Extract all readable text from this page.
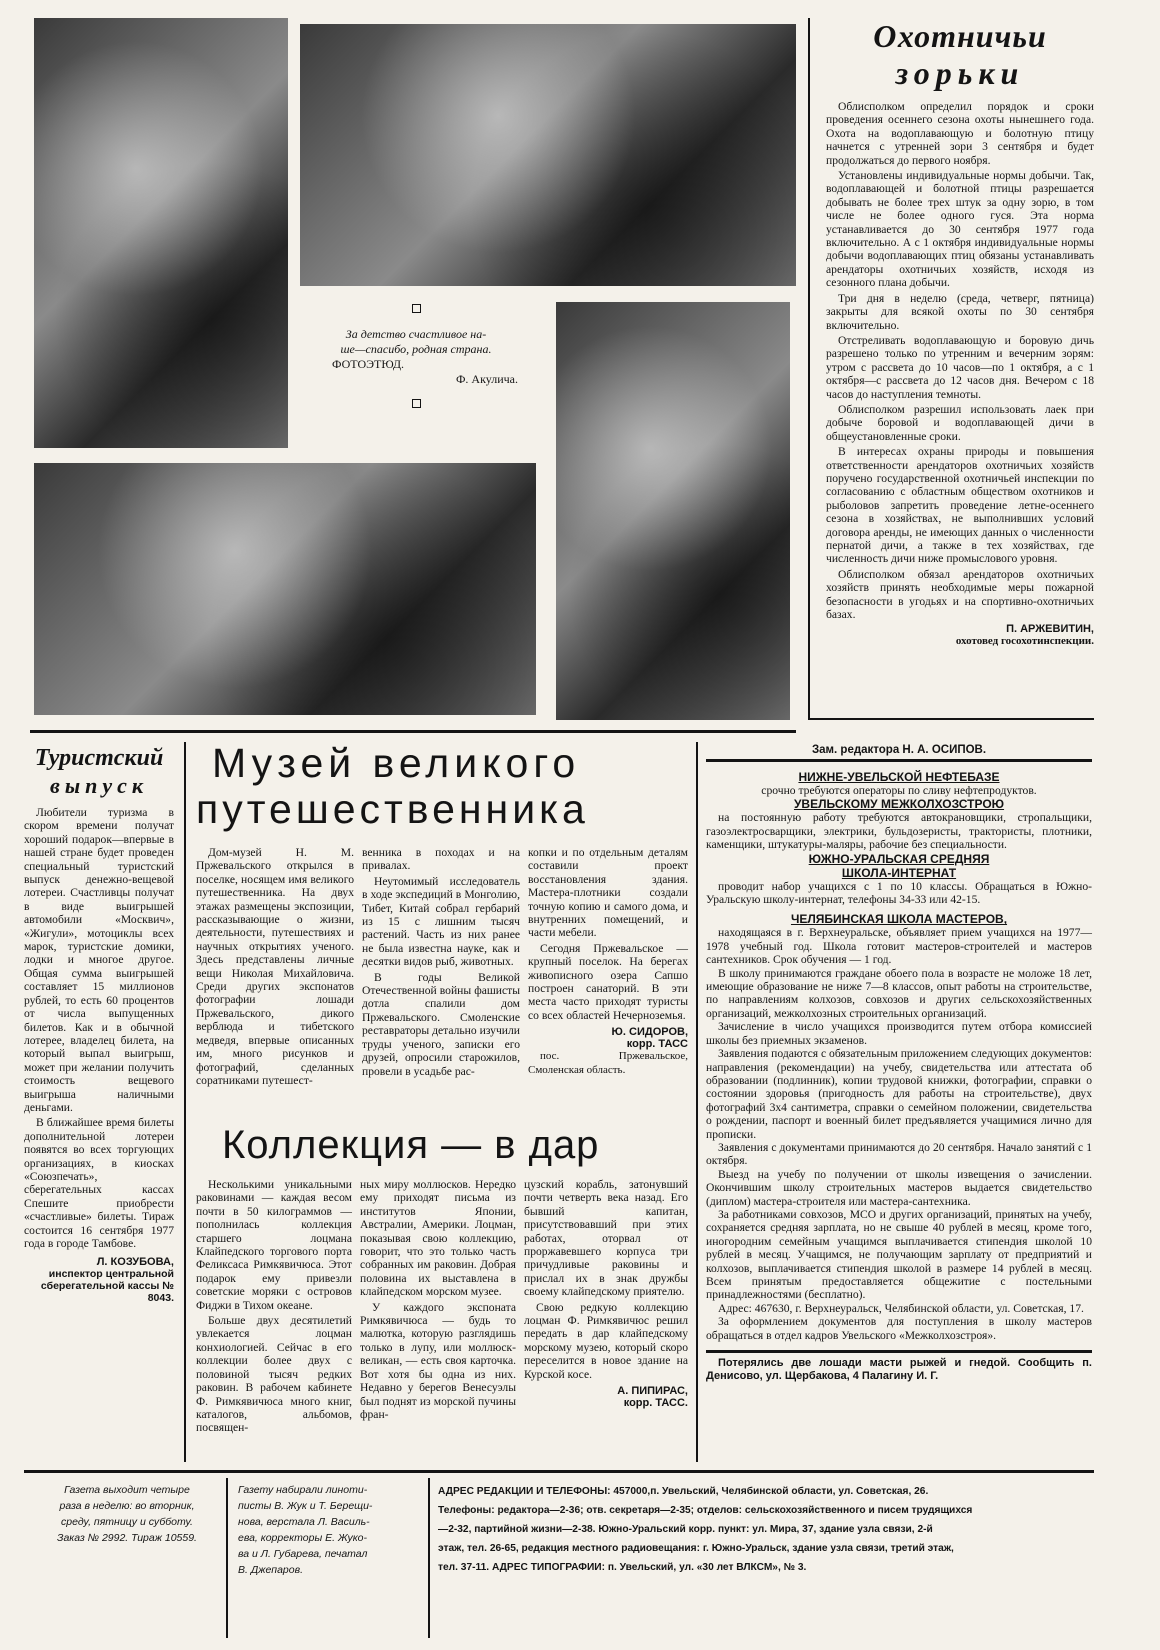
За детство счастливое на-
ше—спасибо, родная страна.
ФОТОЭТЮД.
Ф. Акулича.
Охотничьи
зорьки

Облисполком определил порядок и сроки проведения осеннего сезона охоты нынешнего года. Охота на водоплавающую и болотную птицу начнется с утренней зори 3 сентября и будет продолжаться до первого ноября.

Установлены индивидуальные нормы добычи. Так, водоплавающей и болотной птицы разрешается добывать не более трех штук за одну зорю, в том числе не более одного гуся. Эта норма устанавливается до 30 сентября 1977 года включительно. А с 1 октября индивидуальные нормы добычи водоплавающих птиц обязаны устанавливать арендаторы охотничьих хозяйств, исходя из сезонного плана добычи.

Три дня в неделю (среда, четверг, пятница) закрыты для всякой охоты по 30 сентября включительно.

Отстреливать водоплавающую и боровую дичь разрешено только по утренним и вечерним зорям: утром с рассвета до 10 часов—по 1 октября, а с 1 октября—с рассвета до 12 часов дня. Вечером с 18 часов до наступления темноты.

Облисполком разрешил использовать лаек при добыче боровой и водоплавающей дичи в общеустановленные сроки.

В интересах охраны природы и повышения ответственности арендаторов охотничьих хозяйств поручено государственной охотничьей инспекции по согласованию с областным обществом охотников и рыболовов запретить проведение летне-осеннего сезона в хозяйствах, не выполнивших условий договора аренды, не имеющих данных о численности пернатой дичи, а также в тех хозяйствах, где численность дичи ниже промыслового уровня.

Облисполком обязал арендаторов охотничьих хозяйств принять необходимые меры пожарной безопасности в угодьях и на спортивно-охотничьих базах.

П. АРЖЕВИТИН,
охотовед госохотинспекции.
Туристский
выпуск

Любители туризма в скором времени получат хороший подарок—впервые в нашей стране будет проведен специальный туристский выпуск денежно-вещевой лотереи. Счастливцы получат в виде выигрышей автомобили «Москвич», «Жигули», мотоциклы всех марок, туристские домики, лодки и многое другое. Общая сумма выигрышей составляет 15 миллионов рублей, то есть 60 процентов от числа выпущенных билетов. Как и в обычной лотерее, владелец билета, на который выпал выигрыш, может при желании получить стоимость вещевого выигрыша наличными деньгами.

В ближайшее время билеты дополнительной лотереи появятся во всех торгующих организациях, в киосках «Союзпечать», сберегательных кассах Спешите приобрести «счастливые» билеты. Тираж состоится 16 сентября 1977 года в городе Тамбове.

Л. КОЗУБОВА,
инспектор центральной сберегательной кассы № 8043.
Музей великого
путешественника

Дом-музей Н. М. Пржевальского открылся в поселке, носящем имя великого путешественника. На двух этажах размещены экспозиции, рассказывающие о жизни, деятельности, путешествиях и научных открытиях ученого. Здесь представлены личные вещи Николая Михайловича. Среди других экспонатов фотографии лошади Пржевальского, дикого верблюда и тибетского медведя, впервые описанных им, много рисунков и фотографий, сделанных соратниками путешест-

венника в походах и на привалах.

Неутомимый исследователь в ходе экспедиций в Монголию, Тибет, Китай собрал гербарий из 15 с лишним тысяч растений. Часть из них ранее не была известна науке, как и десятки видов рыб, животных.

В годы Великой Отечественной войны фашисты дотла спалили дом Пржевальского. Смоленские реставраторы детально изучили труды ученого, записки его друзей, опросили старожилов, провели в усадьбе рас-

копки и по отдельным деталям составили проект восстановления здания. Мастера-плотники создали точную копию и самого дома, и внутренних помещений, и части мебели.

Сегодня Пржевальское — крупный поселок. На берегах живописного озера Сапшо построен санаторий. В эти места часто приходят туристы со всех областей Нечерноземья.

Ю. СИДОРОВ,
корр. ТАСС
пос. Пржевальское, Смоленская область.
Коллекция — в дар

Несколькими уникальными раковинами — каждая весом почти в 50 килограммов — пополнилась коллекция старшего лоцмана Клайпедского торгового порта Феликсаса Римкявичюса. Этот подарок ему привезли советские моряки с островов Фиджи в Тихом океане.

Больше двух десятилетий увлекается лоцман конхиологией. Сейчас в его коллекции более двух с половиной тысяч редких раковин. В рабочем кабинете Ф. Римкявичюса много книг, каталогов, альбомов, посвящен-

ных миру моллюсков. Нередко ему приходят письма из институтов Японии, Австралии, Америки. Лоцман, показывая свою коллекцию, говорит, что это только часть собранных им раковин. Добрая половина их выставлена в клайпедском морском музее.

У каждого экспоната Римкявичюса — будь то малютка, которую разглядишь только в лупу, или моллюск-великан, — есть своя карточка. Вот хотя бы одна из них. Недавно у берегов Венесуэлы был поднят из морской пучины фран-

цузский корабль, затонувший почти четверть века назад. Его бывший капитан, присутствовавший при этих работах, оторвал от проржавевшего корпуса три причудливые раковины и прислал их в знак дружбы своему клайпедскому приятелю.

Свою редкую коллекцию лоцман Ф. Римкявичюс решил передать в дар клайпедскому морскому музею, который скоро переселится в новое здание на Курской косе.

А. ПИПИРАС,
корр. ТАСС.
Зам. редактора Н. А. ОСИПОВ.
НИЖНЕ-УВЕЛЬСКОЙ НЕФТЕБАЗЕ
срочно требуются операторы по сливу нефтепродуктов.
УВЕЛЬСКОМУ МЕЖКОЛХОЗСТРОЮ
на постоянную работу требуются автокрановщики, стропальщики, газоэлектросварщики, электрики, бульдозеристы, трактористы, плотники, каменщики, штукатуры-маляры, рабочие без специальности.
ЮЖНО-УРАЛЬСКАЯ СРЕДНЯЯ
ШКОЛА-ИНТЕРНАТ
проводит набор учащихся с 1 по 10 классы. Обращаться в Южно-Уральскую школу-интернат, телефоны 34-33 или 42-15.
ЧЕЛЯБИНСКАЯ ШКОЛА МАСТЕРОВ,
находящаяся в г. Верхнеуральске, объявляет прием учащихся на 1977—1978 учебный год. Школа готовит мастеров-строителей и мастеров сантехников. Срок обучения — 1 год.
В школу принимаются граждане обоего пола в возрасте не моложе 18 лет, имеющие образование не ниже 7—8 классов, опыт работы на строительстве, по направлениям колхозов, совхозов и других сельскохозяйственных организаций, межколхозных строительных организаций.
Зачисление в число учащихся производится путем отбора комиссией школы без приемных экзаменов.
Заявления подаются с обязательным приложением следующих документов: направления (рекомендации) на учебу, свидетельства или аттестата об образовании (подлинник), копии трудовой книжки, фотографии, справки о состоянии здоровья (пригодность для работы на строительстве), двух фотографий 3х4 сантиметра, справки о семейном положении, свидетельства о рождении, паспорт и военный билет предъявляется учащимися лично для прописки.
Заявления с документами принимаются до 20 сентября. Начало занятий с 1 октября.
Выезд на учебу по получении от школы извещения о зачислении. Окончившим школу строительных мастеров выдается свидетельство (диплом) мастера-строителя или мастера-сантехника.
За работниками совхозов, МСО и других организаций, принятых на учебу, сохраняется средняя зарплата, но не свыше 40 рублей в месяц, кроме того, иногородним семейным учащимся выплачивается стипендия школой 10 рублей в месяц. Учащимся, не получающим зарплату от предприятий и колхозов, выплачивается стипендия школой в размере 14 рублей в месяц. Всем принятым предоставляется общежитие с постельными принадлежностями (бесплатно).
Адрес: 467630, г. Верхнеуральск, Челябинской области, ул. Советская, 17.
За оформлением документов для поступления в школу мастеров обращаться в отдел кадров Увельского «Межколхозстроя».
Потерялись две лошади масти рыжей и гнедой. Сообщить п. Денисово, ул. Щербакова, 4 Палагину И. Г.
Газета выходит четыре
раза в неделю: во вторник,
среду, пятницу и субботу.
Заказ № 2992. Тираж 10559.
Газету набирали линоти-
писты В. Жук и Т. Берещи-
нова, верстала Л. Василь-
ева, корректоры Е. Жуко-
ва и Л. Губарева, печатал
В. Джепаров.
АДРЕС РЕДАКЦИИ И ТЕЛЕФОНЫ: 457000,п. Увельский, Челябинской области, ул. Советская, 26.
Телефоны: редактора—2-36; отв. секретаря—2-35; отделов: сельскохозяйственного и писем трудящихся
—2-32, партийной жизни—2-38. Южно-Уральский корр. пункт: ул. Мира, 37, здание узла связи, 2-й
этаж, тел. 26-65, редакция местного радиовещания: г. Южно-Уральск, здание узла связи, третий этаж,
тел. 37-11. АДРЕС ТИПОГРАФИИ: п. Увельский, ул. «30 лет ВЛКСМ», № 3.
